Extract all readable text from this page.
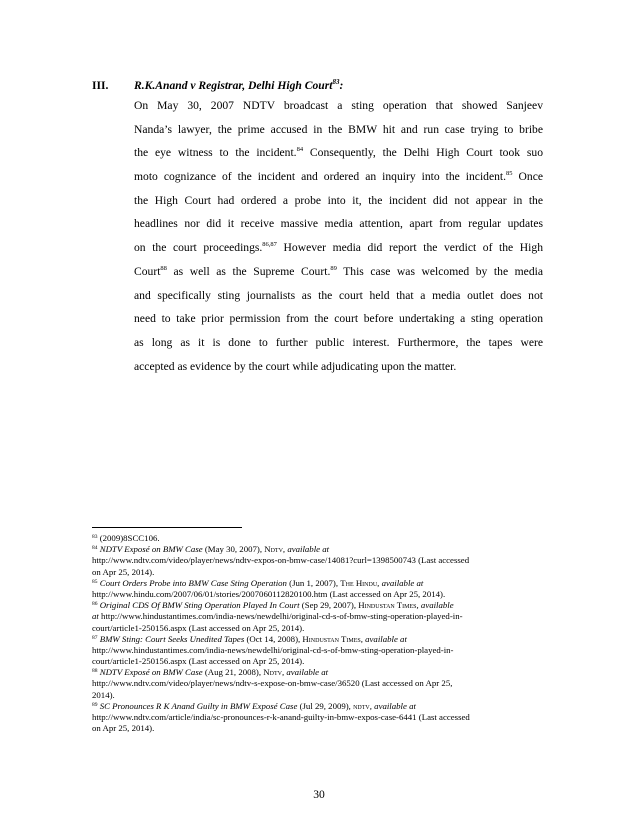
III. R.K.Anand v Registrar, Delhi High Court$^{83}$:
On May 30, 2007 NDTV broadcast a sting operation that showed Sanjeev
Nanda’s lawyer, the prime accused in the BMW hit and run case trying to bribe
the eye witness to the incident.$^{84}$ Consequently, the Delhi High Court took suo
moto cognizance of the incident and ordered an inquiry into the incident.$^{85}$ Once
the High Court had ordered a probe into it, the incident did not appear in the
headlines nor did it receive massive media attention, apart from regular updates
on the court proceedings.$^{86,87}$ However media did report the verdict of the High
Court$^{88}$ as well as the Supreme Court.$^{89}$ This case was welcomed by the media
and specifically sting journalists as the court held that a media outlet does not
need to take prior permission from the court before undertaking a sting operation
as long as it is done to further public interest. Furthermore, the tapes were
accepted as evidence by the court while adjudicating upon the matter.
$^{83}$ (2009)8SCC106.
$^{84}$ NDTV Exposé on BMW Case (May 30, 2007), Ndtv, available at
http://www.ndtv.com/video/player/news/ndtv-expos-on-bmw-case/14081?curl=1398500743 (Last accessed
on Apr 25, 2014).
$^{85}$ Court Orders Probe into BMW Case Sting Operation (Jun 1, 2007), The Hindu, available at
http://www.hindu.com/2007/06/01/stories/2007060112820100.htm (Last accessed on Apr 25, 2014).
$^{86}$ Original CDS Of BMW Sting Operation Played In Court (Sep 29, 2007), Hindustan Times, available
at http://www.hindustantimes.com/india-news/newdelhi/original-cd-s-of-bmw-sting-operation-played-in-
court/article1-250156.aspx (Last accessed on Apr 25, 2014).
$^{87}$ BMW Sting: Court Seeks Unedited Tapes (Oct 14, 2008), Hindustan Times, available at
http://www.hindustantimes.com/india-news/newdelhi/original-cd-s-of-bmw-sting-operation-played-in-
court/article1-250156.aspx (Last accessed on Apr 25, 2014).
$^{88}$ NDTV Exposé on BMW Case (Aug 21, 2008), Ndtv, available at
http://www.ndtv.com/video/player/news/ndtv-s-expose-on-bmw-case/36520 (Last accessed on Apr 25,
2014).
$^{89}$ SC Pronounces R K Anand Guilty in BMW Exposé Case (Jul 29, 2009), ndtv, available at
http://www.ndtv.com/article/india/sc-pronounces-r-k-anand-guilty-in-bmw-expos-case-6441 (Last accessed
on Apr 25, 2014).
30
